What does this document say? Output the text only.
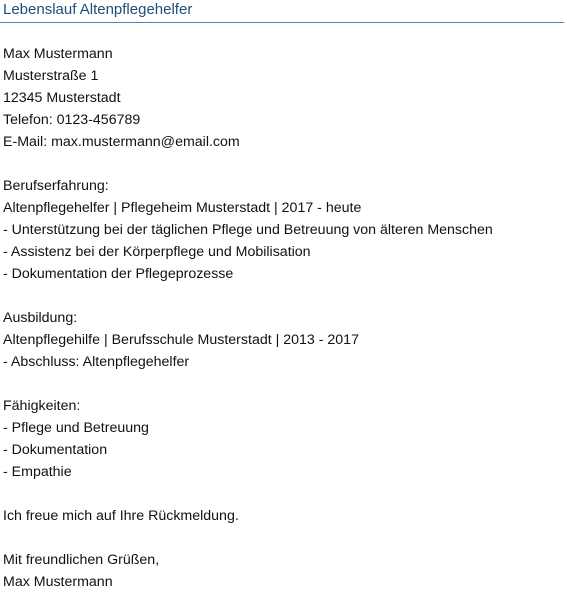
Lebenslauf Altenpflegehelfer
Max Mustermann
Musterstraße 1
12345 Musterstadt
Telefon: 0123-456789
E-Mail: max.mustermann@email.com
Berufserfahrung:
Altenpflegehelfer | Pflegeheim Musterstadt | 2017 - heute
- Unterstützung bei der täglichen Pflege und Betreuung von älteren Menschen
- Assistenz bei der Körperpflege und Mobilisation
- Dokumentation der Pflegeprozesse
Ausbildung:
Altenpflegehilfe | Berufsschule Musterstadt | 2013 - 2017
- Abschluss: Altenpflegehelfer
Fähigkeiten:
- Pflege und Betreuung
- Dokumentation
- Empathie
Ich freue mich auf Ihre Rückmeldung.
Mit freundlichen Grüßen,
Max Mustermann
